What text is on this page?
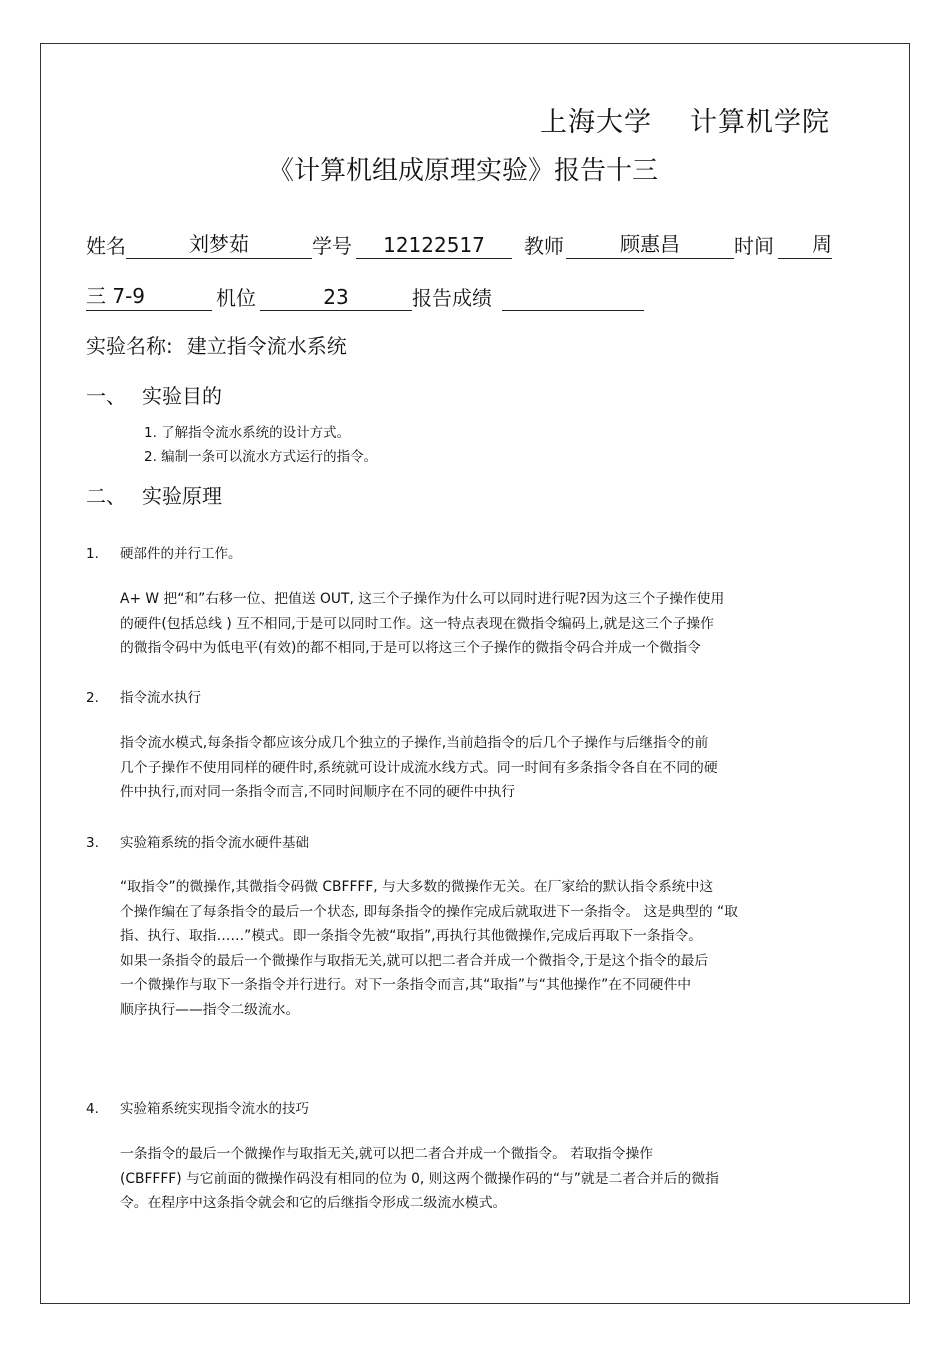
上海大学 计算机学院
《计算机组成原理实验》报告十三
姓名	刘梦茹	学号 12122517 教师	顾惠昌	时间 周
三 7-9	机位	23	报告成绩
实验名称: 建立指令流水系统
一、 实验目的
1. 了解指令流水系统的设计方式。
2. 编制一条可以流水方式运行的指令。
二、 实验原理
1. 硬部件的并行工作。
A+ W 把“和”右移一位、把值送 OUT, 这三个子操作为什么可以同时进行呢?因为这三个子操作使用
的硬件(包括总线 ) 互不相同,于是可以同时工作。这一特点表现在微指令编码上,就是这三个子操作
的微指令码中为低电平(有效)的都不相同,于是可以将这三个子操作的微指令码合并成一个微指令
2. 指令流水执行
指令流水模式,每条指令都应该分成几个独立的子操作,当前趋指令的后几个子操作与后继指令的前
几个子操作不使用同样的硬件时,系统就可设计成流水线方式。同一时间有多条指令各自在不同的硬
件中执行,而对同一条指令而言,不同时间顺序在不同的硬件中执行
3. 实验箱系统的指令流水硬件基础
“取指令”的微操作,其微指令码微 CBFFFF, 与大多数的微操作无关。在厂家给的默认指令系统中这
个操作编在了每条指令的最后一个状态, 即每条指令的操作完成后就取进下一条指令。 这是典型的 “取
指、执行、取指……”模式。即一条指令先被“取指”,再执行其他微操作,完成后再取下一条指令。
如果一条指令的最后一个微操作与取指无关,就可以把二者合并成一个微指令,于是这个指令的最后
一个微操作与取下一条指令并行进行。对下一条指令而言,其“取指”与“其他操作”在不同硬件中
顺序执行——指令二级流水。
4. 实验箱系统实现指令流水的技巧
一条指令的最后一个微操作与取指无关,就可以把二者合并成一个微指令。 若取指令操作
(CBFFFF) 与它前面的微操作码没有相同的位为 0, 则这两个微操作码的“与”就是二者合并后的微指
令。在程序中这条指令就会和它的后继指令形成二级流水模式。
